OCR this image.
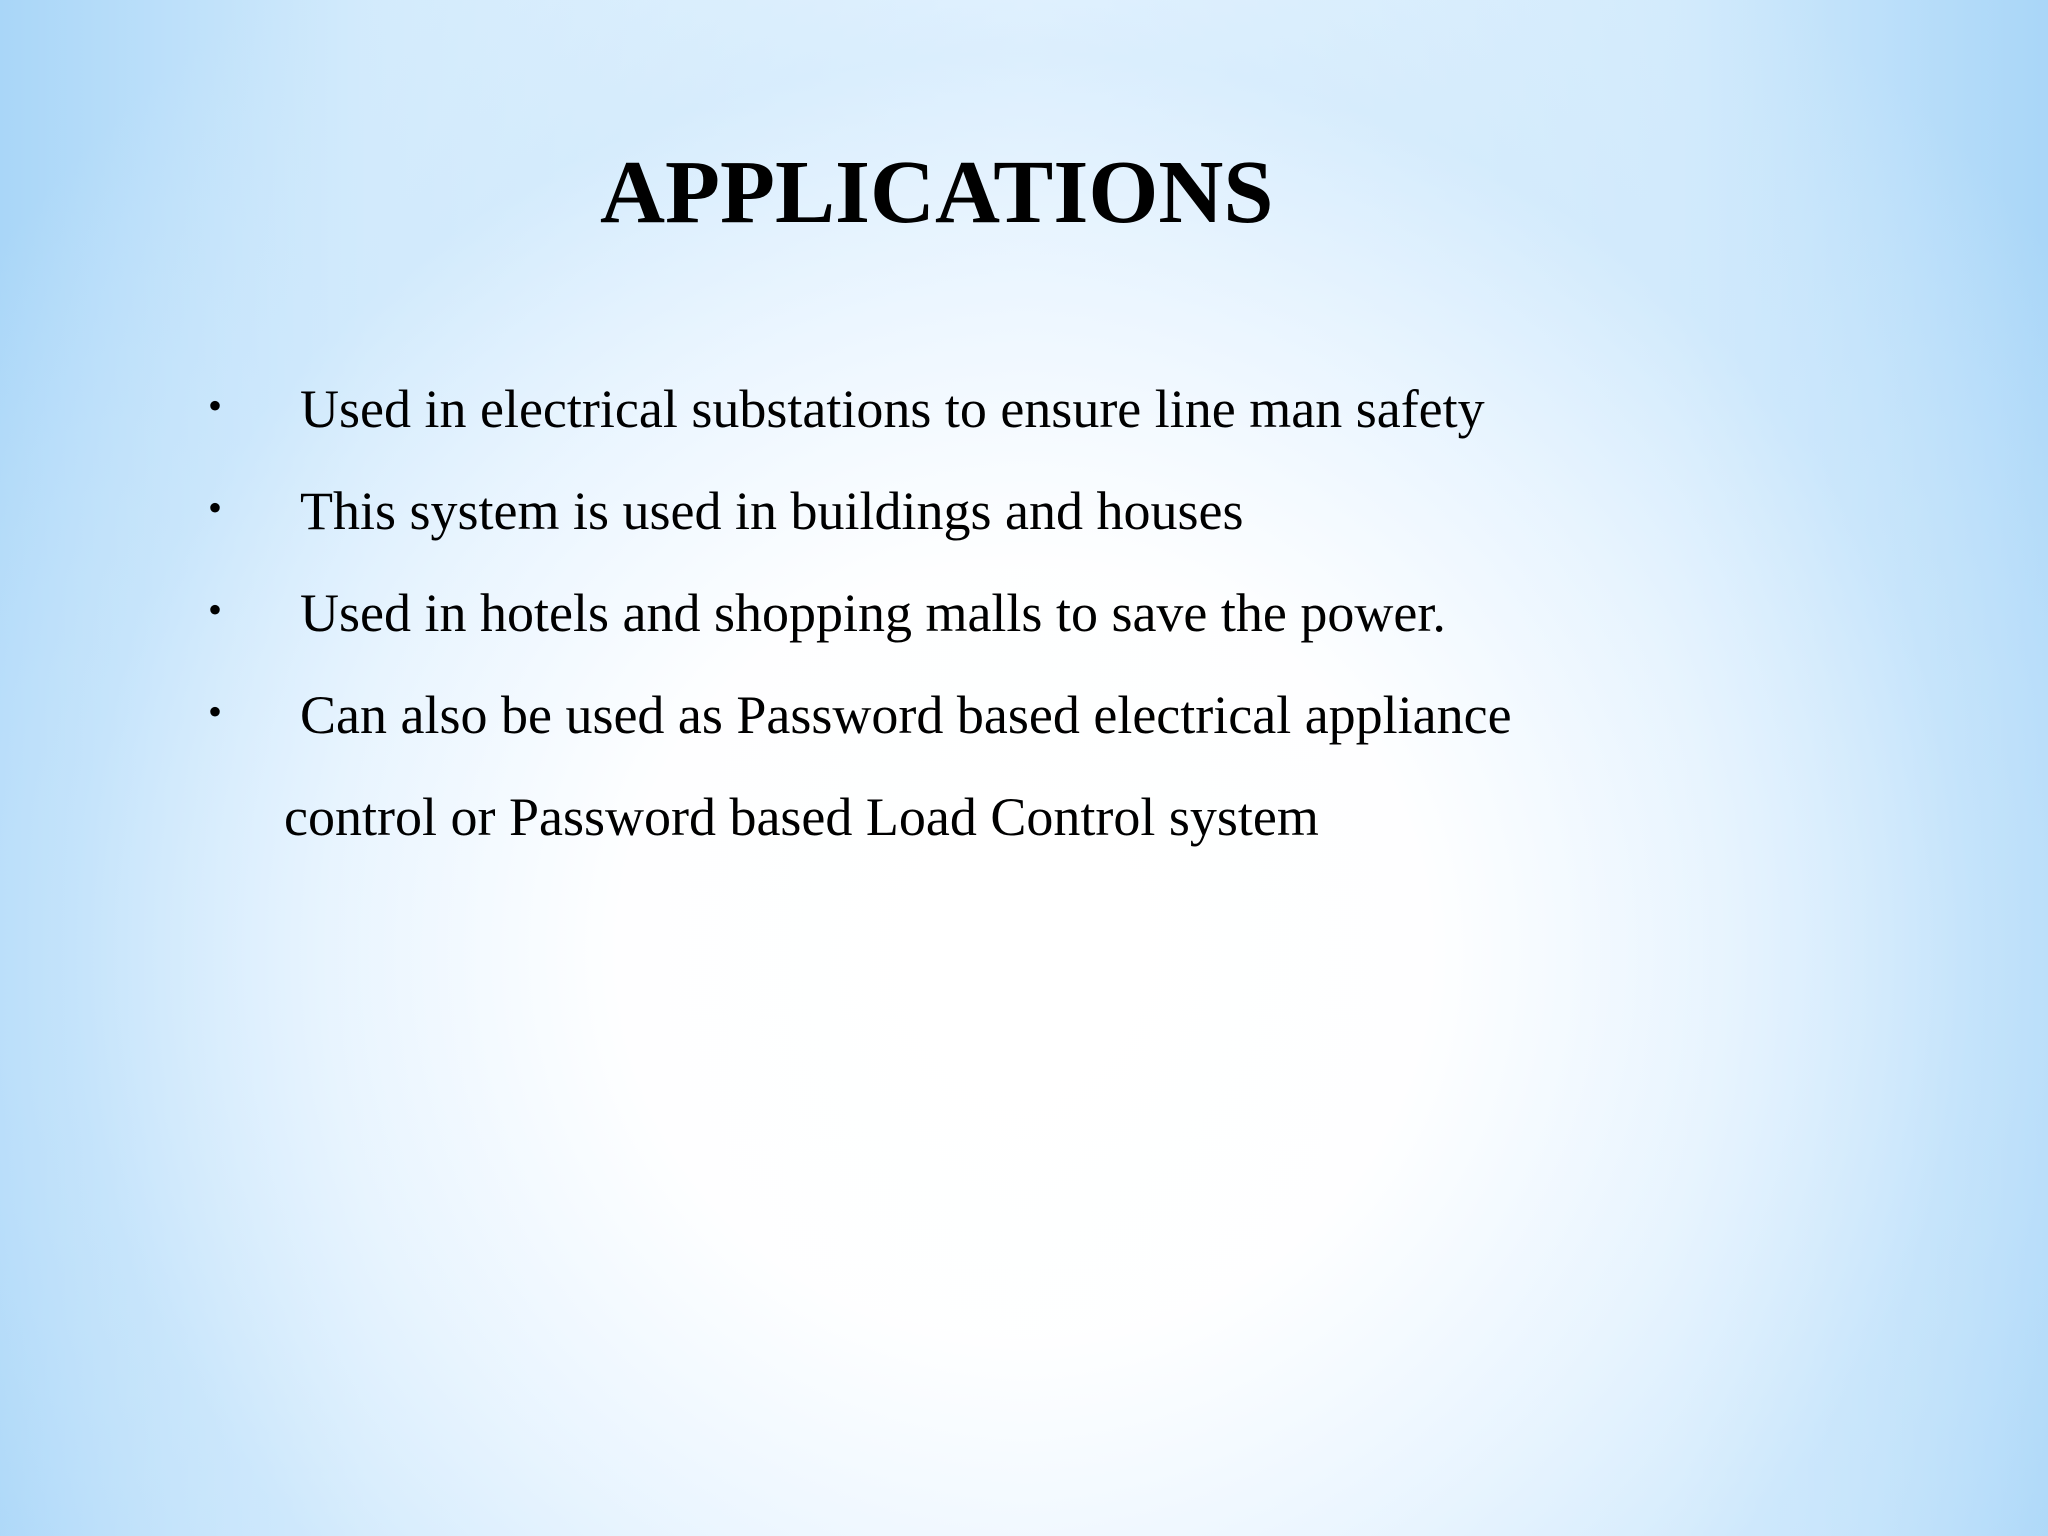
APPLICATIONS
• Used in electrical substations to ensure line man safety
• This system is used in buildings and houses
• Used in hotels and shopping malls to save the power.
• Can also be used as Password based electrical appliance
control or Password based Load Control system
